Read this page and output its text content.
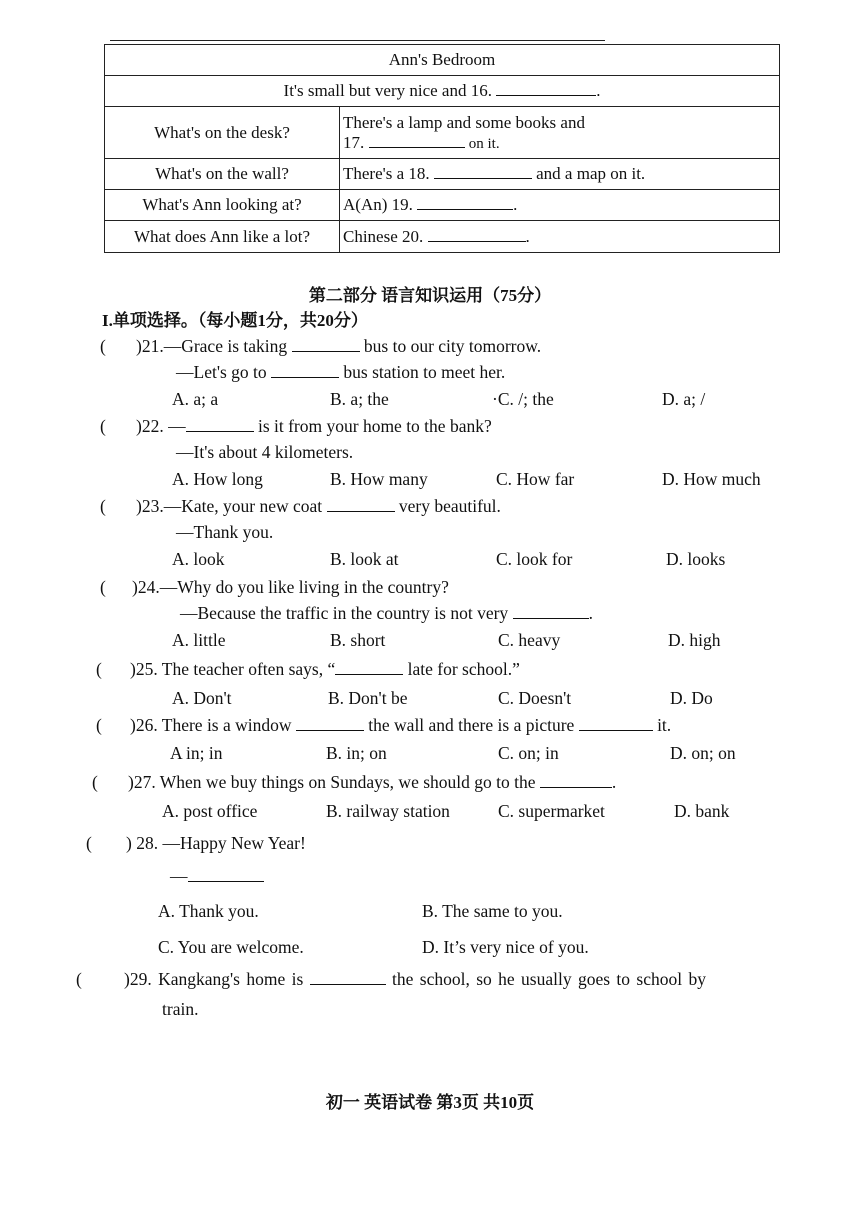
Ann's Bedroom	
It's small but very nice and 16. .	
What's on the desk?	There's a lamp and some books and
17. on it.

What's on the wall?	There's a 18. and a map on it.
What's Ann looking at?	A(An) 19. .
What does Ann like a lot?	Chinese 20. .
第二部分 语言知识运用（75分）
I.单项选择。（每小题1分，共20分）
( )21.—Grace is taking	bus to our city tomorrow.
—Let's go to	bus station to meet her.
A. a; a	B. a; the	·C. /; the	D. a; /
( )22. —	is it from your home to the bank?
—It's about 4 kilometers.
A. How long	B. How many	C. How far	D. How much
( )23.—Kate, your new coat	very beautiful.
—Thank you.
A. look	B. look at	C. look for	D. looks
( )24.—Why do you like living in the country?
—Because the traffic in the country is not very	.
A. little	B. short	C. heavy	D. high
( )25. The teacher often says, “	late for school.”
A. Don't	B. Don't be	C. Doesn't	D. Do
( )26. There is a window	the wall and there is a picture	it.
A in; in	B. in; on	C. on; in	D. on; on
( )27. When we buy things on Sundays, we should go to the	.
A. post office	B. railway station	C. supermarket	D. bank
( ) 28. —Happy New Year!
—
A. Thank you.	B. The same to you.
C. You are welcome.	D. It’s very nice of you.
( )29. Kangkang's home is	the school, so he usually goes to school by
train.
初一 英语试卷 第3页 共10页
